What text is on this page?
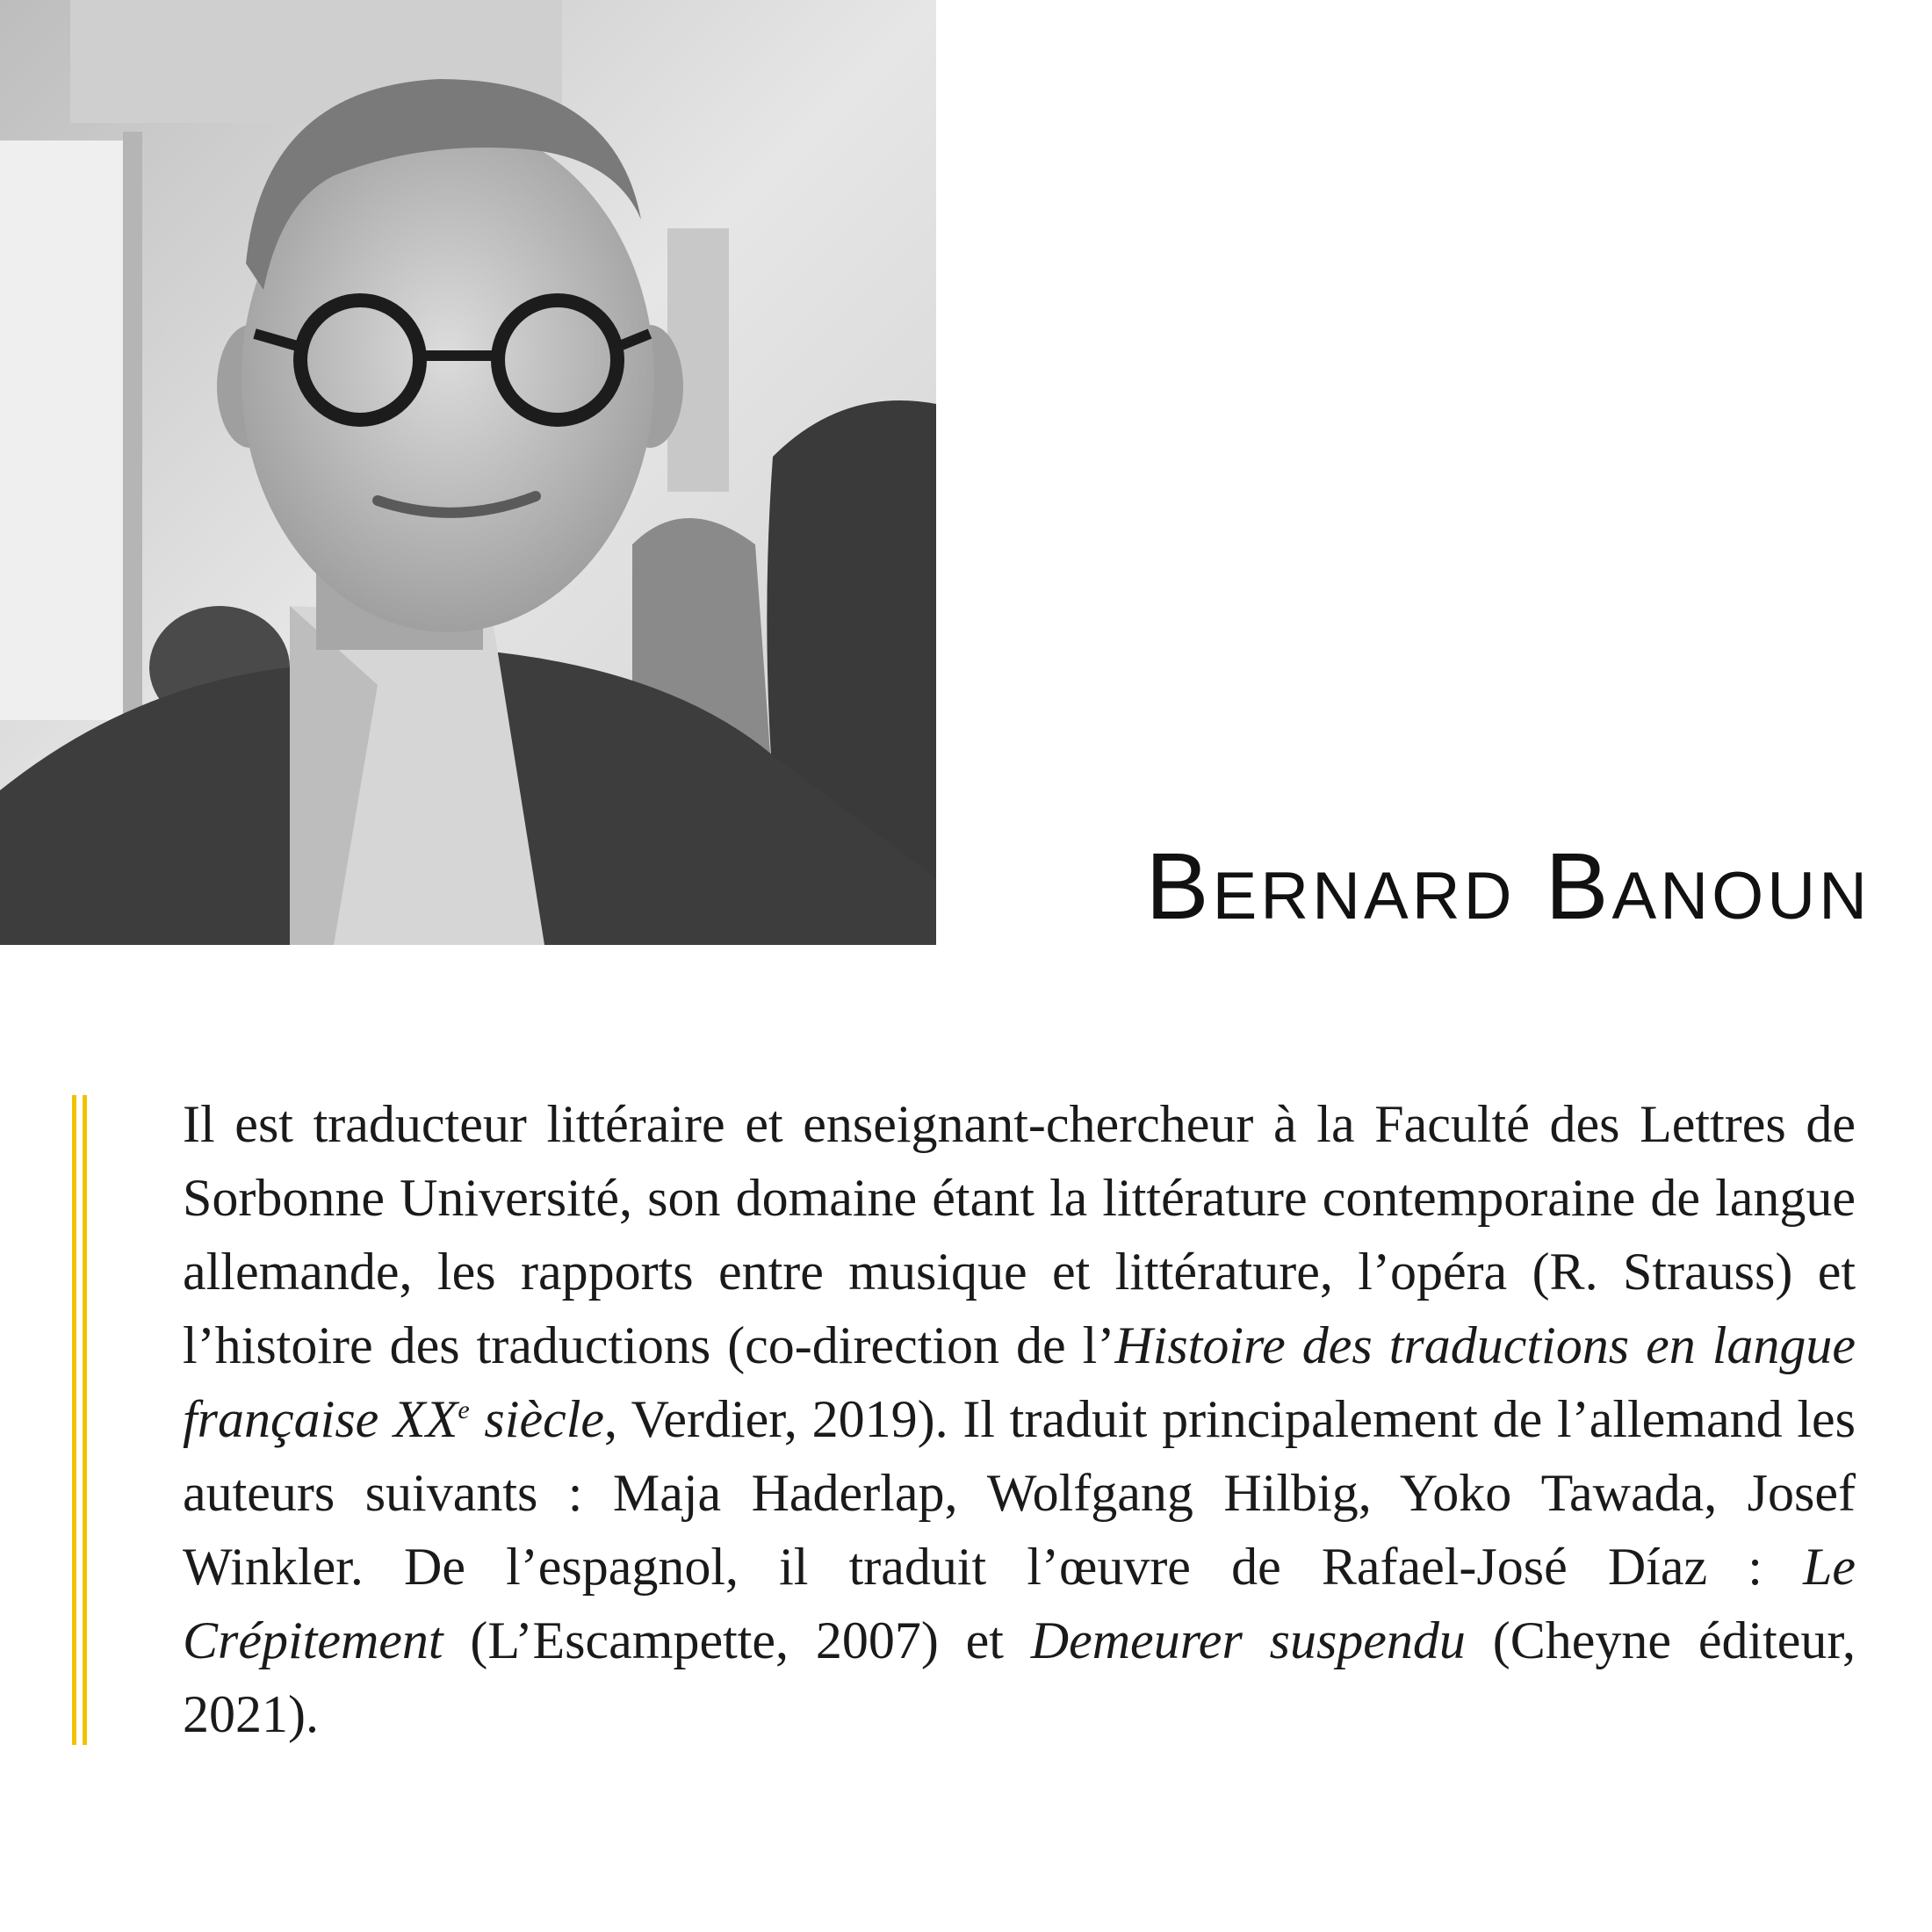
Bernard Banoun

Il est traducteur littéraire et enseignant-chercheur à la Faculté des Lettres de Sorbonne Université, son domaine étant la littérature contemporaine de langue allemande, les rapports entre musique et littérature, l’opéra (R. Strauss) et l’histoire des traductions (co-direction de l’Histoire des traductions en langue française XXe siècle, Verdier, 2019). Il traduit principalement de l’allemand les auteurs suivants : Maja Haderlap, Wolfgang Hilbig, Yoko Tawada, Josef Winkler. De l’espagnol, il traduit l’œuvre de Rafael-José Díaz : Le Crépitement (L’Escampette, 2007) et Demeurer suspendu (Cheyne éditeur, 2021).
